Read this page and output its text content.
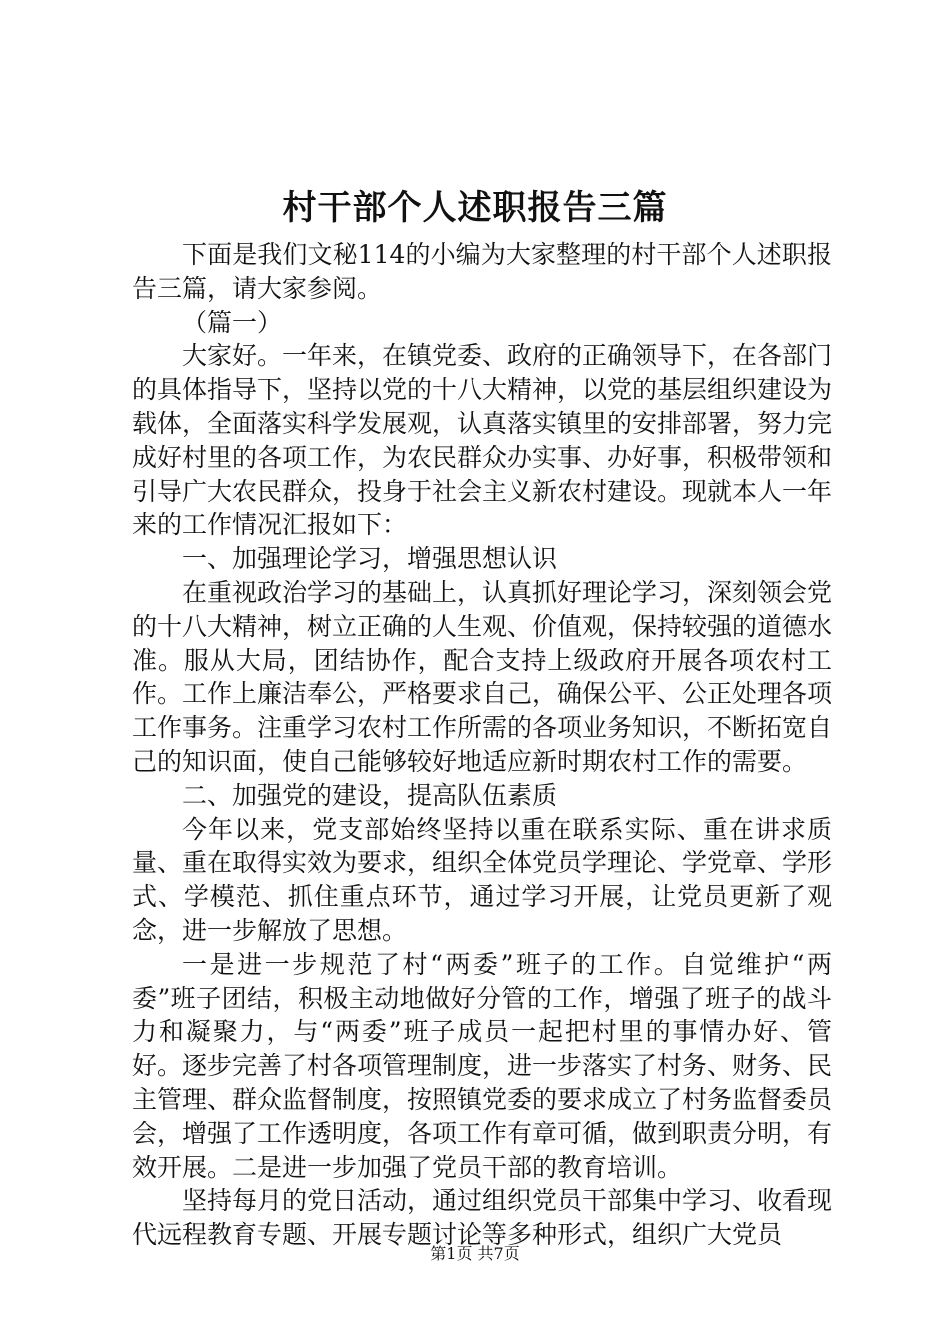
村干部个人述职报告三篇

下面是我们文秘114的小编为大家整理的村干部个人述职报告三篇，请大家参阅。

（篇一）

大家好。一年来，在镇党委、政府的正确领导下，在各部门的具体指导下，坚持以党的十八大精神，以党的基层组织建设为载体，全面落实科学发展观，认真落实镇里的安排部署，努力完成好村里的各项工作，为农民群众办实事、办好事，积极带领和引导广大农民群众，投身于社会主义新农村建设。现就本人一年来的工作情况汇报如下：

一、加强理论学习，增强思想认识

在重视政治学习的基础上，认真抓好理论学习，深刻领会党的十八大精神，树立正确的人生观、价值观，保持较强的道德水准。服从大局，团结协作，配合支持上级政府开展各项农村工作。工作上廉洁奉公，严格要求自己，确保公平、公正处理各项工作事务。注重学习农村工作所需的各项业务知识，不断拓宽自己的知识面，使自己能够较好地适应新时期农村工作的需要。

二、加强党的建设，提高队伍素质

今年以来，党支部始终坚持以重在联系实际、重在讲求质量、重在取得实效为要求，组织全体党员学理论、学党章、学形式、学模范、抓住重点环节，通过学习开展，让党员更新了观念，进一步解放了思想。

一是进一步规范了村“两委”班子的工作。自觉维护“两委”班子团结，积极主动地做好分管的工作，增强了班子的战斗力和凝聚力，与“两委”班子成员一起把村里的事情办好、管好。逐步完善了村各项管理制度，进一步落实了村务、财务、民主管理、群众监督制度，按照镇党委的要求成立了村务监督委员会，增强了工作透明度，各项工作有章可循，做到职责分明，有效开展。二是进一步加强了党员干部的教育培训。

坚持每月的党日活动，通过组织党员干部集中学习、收看现代远程教育专题、开展专题讨论等多种形式，组织广大党员

第1页 共7页
